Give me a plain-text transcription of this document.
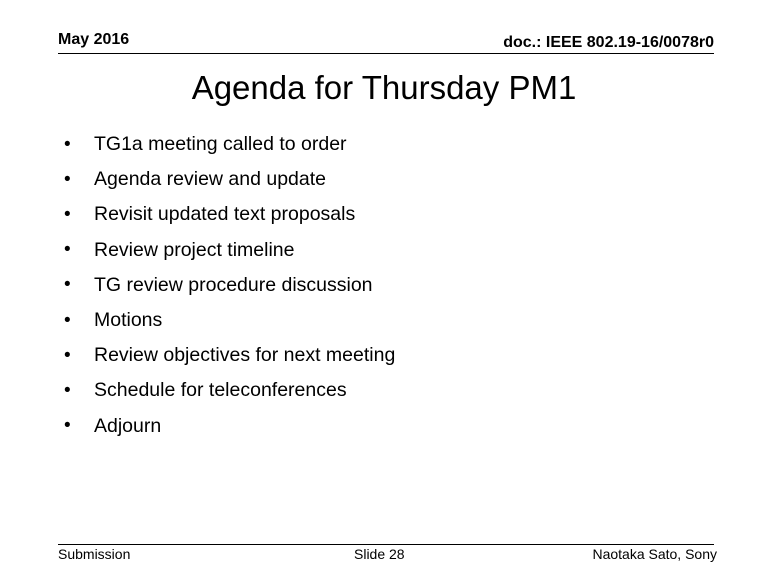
May 2016	doc.: IEEE 802.19-16/0078r0
Agenda for Thursday PM1
•	TG1a meeting called to order
•	Agenda review and update
•	Revisit updated text proposals
•	Review project timeline
•	TG review procedure discussion
•	Motions
•	Review objectives for next meeting
•	Schedule for teleconferences
•	Adjourn
Submission	Slide 28	Naotaka Sato, Sony
